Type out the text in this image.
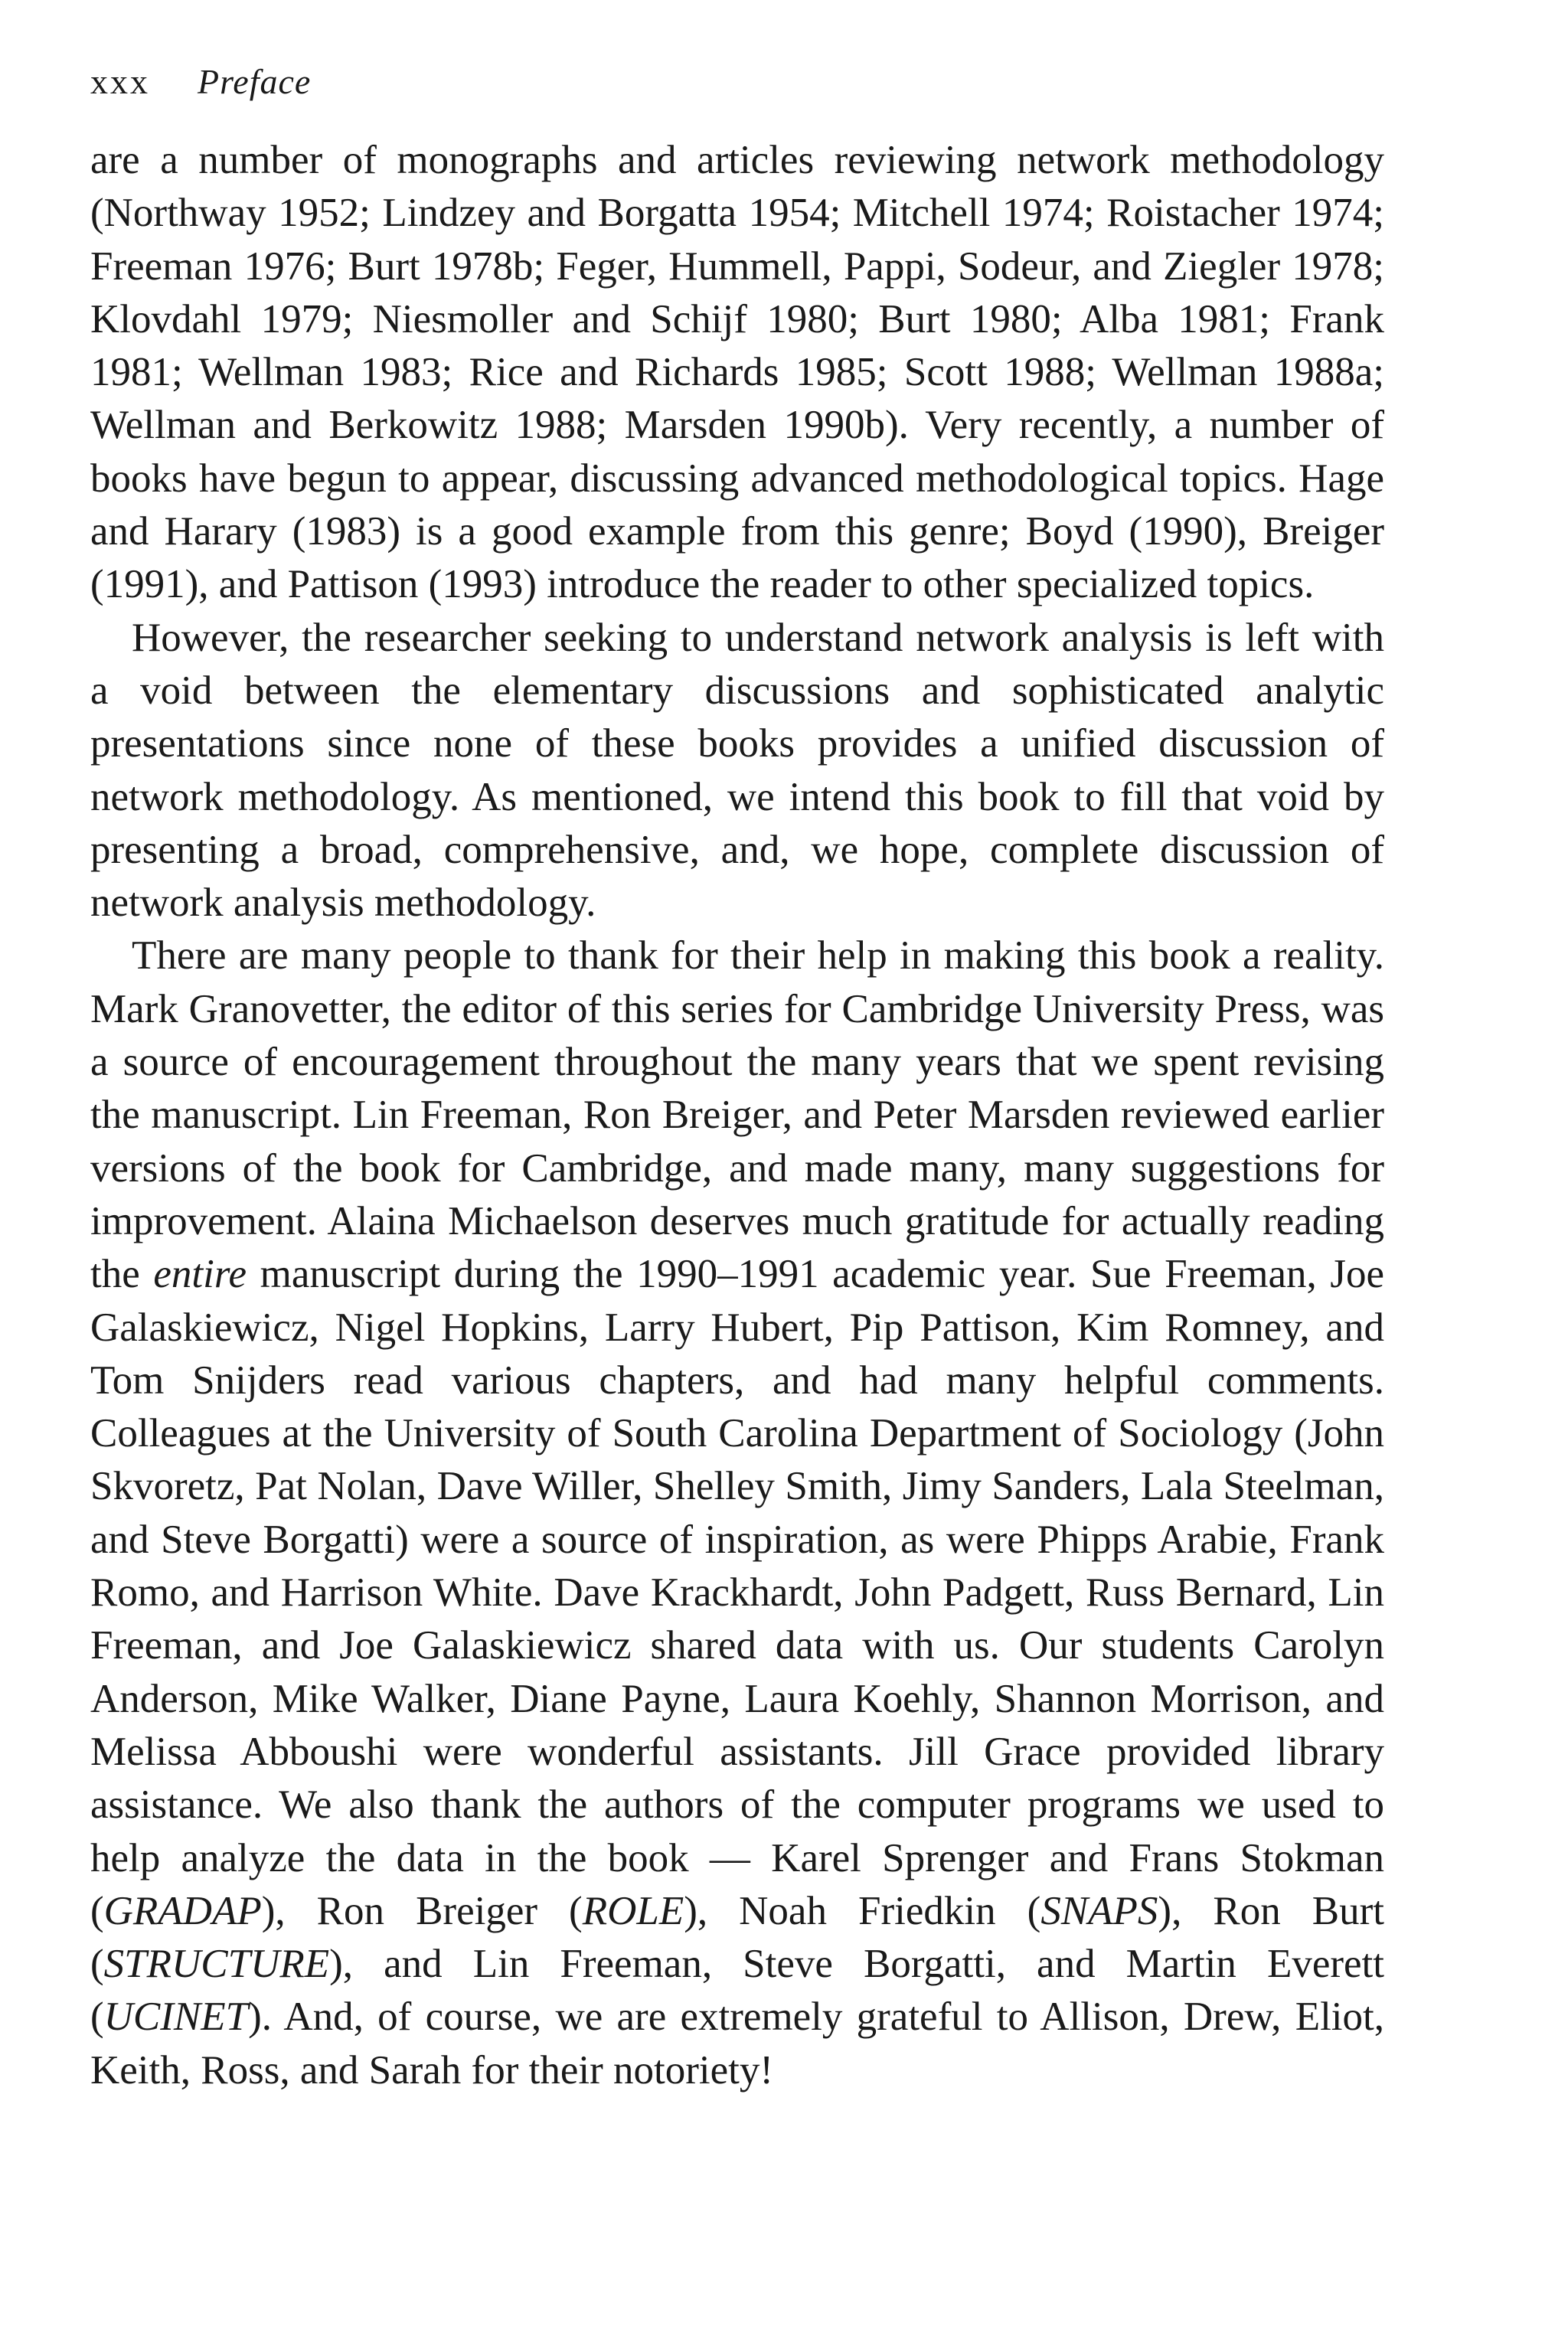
xxx Preface

are a number of monographs and articles reviewing network methodology (Northway 1952; Lindzey and Borgatta 1954; Mitchell 1974; Roistacher 1974; Freeman 1976; Burt 1978b; Feger, Hummell, Pappi, Sodeur, and Ziegler 1978; Klovdahl 1979; Niesmoller and Schijf 1980; Burt 1980; Alba 1981; Frank 1981; Wellman 1983; Rice and Richards 1985; Scott 1988; Wellman 1988a; Wellman and Berkowitz 1988; Marsden 1990b). Very recently, a number of books have begun to appear, discussing advanced methodological topics. Hage and Harary (1983) is a good example from this genre; Boyd (1990), Breiger (1991), and Pattison (1993) introduce the reader to other specialized topics.

However, the researcher seeking to understand network analysis is left with a void between the elementary discussions and sophisticated analytic presentations since none of these books provides a unified discussion of network methodology. As mentioned, we intend this book to fill that void by presenting a broad, comprehensive, and, we hope, complete discussion of network analysis methodology.

There are many people to thank for their help in making this book a reality. Mark Granovetter, the editor of this series for Cambridge University Press, was a source of encouragement throughout the many years that we spent revising the manuscript. Lin Freeman, Ron Breiger, and Peter Marsden reviewed earlier versions of the book for Cambridge, and made many, many suggestions for improvement. Alaina Michaelson deserves much gratitude for actually reading the entire manuscript during the 1990–1991 academic year. Sue Freeman, Joe Galaskiewicz, Nigel Hopkins, Larry Hubert, Pip Pattison, Kim Romney, and Tom Snijders read various chapters, and had many helpful comments. Colleagues at the University of South Carolina Department of Sociology (John Skvoretz, Pat Nolan, Dave Willer, Shelley Smith, Jimy Sanders, Lala Steelman, and Steve Borgatti) were a source of inspiration, as were Phipps Arabie, Frank Romo, and Harrison White. Dave Krackhardt, John Padgett, Russ Bernard, Lin Freeman, and Joe Galaskiewicz shared data with us. Our students Carolyn Anderson, Mike Walker, Diane Payne, Laura Koehly, Shannon Morrison, and Melissa Abboushi were wonderful assistants. Jill Grace provided library assistance. We also thank the authors of the computer programs we used to help analyze the data in the book — Karel Sprenger and Frans Stokman (GRADAP), Ron Breiger (ROLE), Noah Friedkin (SNAPS), Ron Burt (STRUCTURE), and Lin Freeman, Steve Borgatti, and Martin Everett (UCINET). And, of course, we are extremely grateful to Allison, Drew, Eliot, Keith, Ross, and Sarah for their notoriety!
